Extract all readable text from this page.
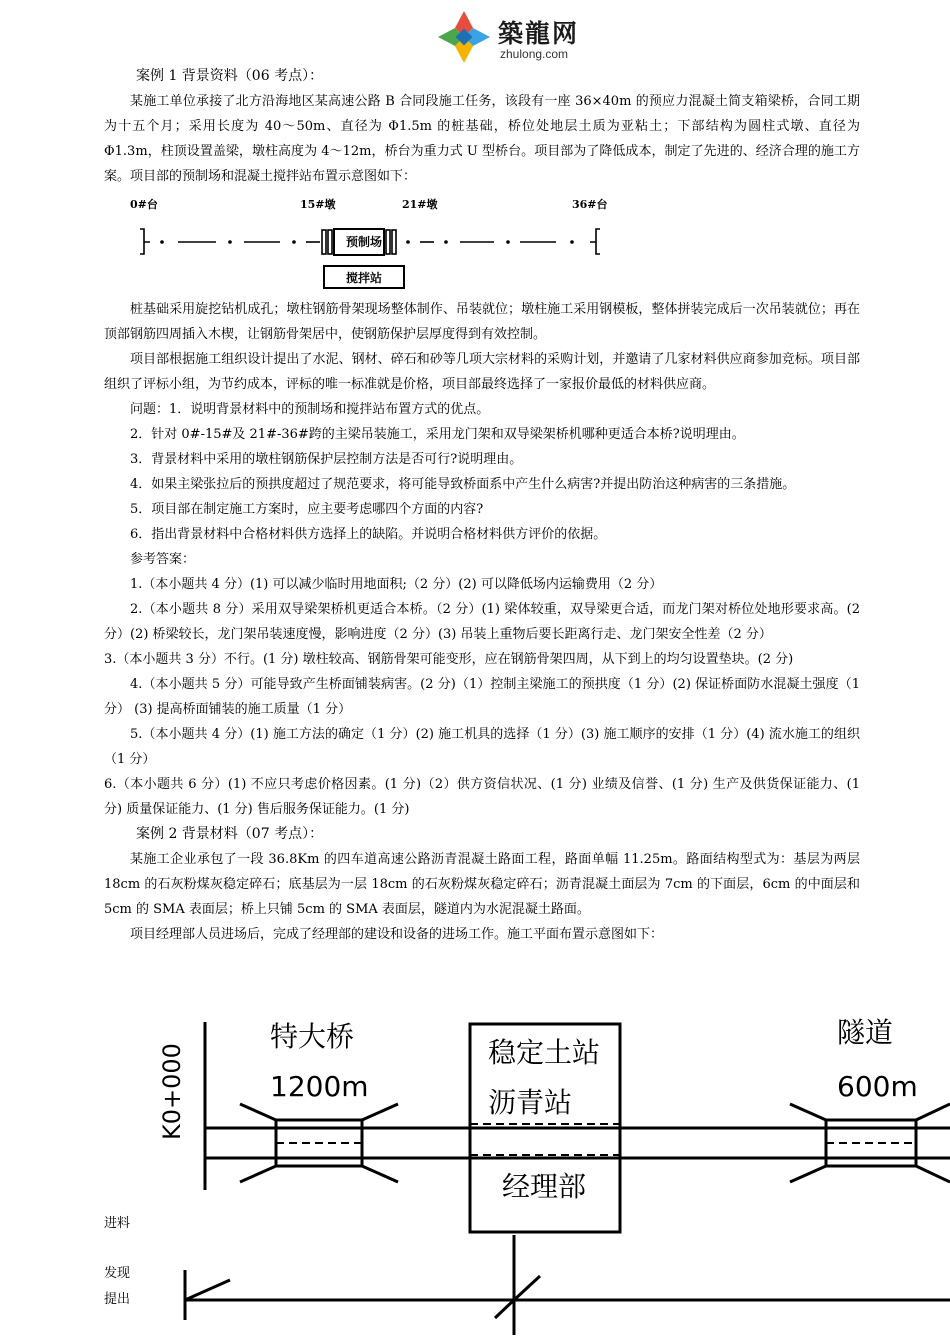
築龍网
zhulong.com

案例 1 背景资料（06 考点）：

某施工单位承接了北方沿海地区某高速公路 B 合同段施工任务，该段有一座 36×40m 的预应力混凝土简支箱梁桥，合同工期为十五个月；采用长度为 40～50m、直径为 Φ1.5m 的桩基础，桥位处地层土质为亚粘土；下部结构为圆柱式墩、直径为 Φ1.3m，柱顶设置盖梁，墩柱高度为 4～12m，桥台为重力式 U 型桥台。项目部为了降低成本，制定了先进的、经济合理的施工方案。项目部的预制场和混凝土搅拌站布置示意图如下：

桩基础采用旋挖钻机成孔；墩柱钢筋骨架现场整体制作、吊装就位；墩柱施工采用钢模板，整体拼装完成后一次吊装就位；再在顶部钢筋四周插入木楔，让钢筋骨架居中，使钢筋保护层厚度得到有效控制。

项目部根据施工组织设计提出了水泥、钢材、碎石和砂等几项大宗材料的采购计划，并邀请了几家材料供应商参加竞标。项目部组织了评标小组，为节约成本，评标的唯一标准就是价格，项目部最终选择了一家报价最低的材料供应商。

问题：1．说明背景材料中的预制场和搅拌站布置方式的优点。

2．针对 0#-15#及 21#-36#跨的主梁吊装施工，采用龙门架和双导梁架桥机哪种更适合本桥?说明理由。

3．背景材料中采用的墩柱钢筋保护层控制方法是否可行?说明理由。

4．如果主梁张拉后的预拱度超过了规范要求，将可能导致桥面系中产生什么病害?并提出防治这种病害的三条措施。

5．项目部在制定施工方案时，应主要考虑哪四个方面的内容?

6．指出背景材料中合格材料供方选择上的缺陷。并说明合格材料供方评价的依据。

参考答案：

1.（本小题共 4 分）(1) 可以减少临时用地面积;（2 分）(2) 可以降低场内运输费用（2 分）

2.（本小题共 8 分）采用双导梁架桥机更适合本桥。（2 分）(1) 梁体较重，双导梁更合适，而龙门架对桥位处地形要求高。(2 分）(2) 桥梁较长，龙门架吊装速度慢，影响进度（2 分）(3) 吊装上重物后要长距离行走、龙门架安全性差（2 分）

3.（本小题共 3 分）不行。(1 分) 墩柱较高、钢筋骨架可能变形，应在钢筋骨架四周，从下到上的均匀设置垫块。(2 分)

4.（本小题共 5 分）可能导致产生桥面铺装病害。(2 分)（1）控制主梁施工的预拱度（1 分）(2) 保证桥面防水混凝土强度（1 分） (3) 提高桥面铺装的施工质量（1 分）

5.（本小题共 4 分）(1) 施工方法的确定（1 分）(2) 施工机具的选择（1 分）(3) 施工顺序的安排（1 分）(4) 流水施工的组织（1 分）

6.（本小题共 6 分）(1) 不应只考虑价格因素。(1 分)（2）供方资信状况、(1 分) 业绩及信誉、(1 分) 生产及供货保证能力、(1 分) 质量保证能力、(1 分) 售后服务保证能力。(1 分)

案例 2 背景材料（07 考点）：

某施工企业承包了一段 36.8Km 的四车道高速公路沥青混凝土路面工程，路面单幅 11.25m。路面结构型式为：基层为两层 18cm 的石灰粉煤灰稳定碎石；底基层为一层 18cm 的石灰粉煤灰稳定碎石；沥青混凝土面层为 7cm 的下面层，6cm 的中面层和 5cm 的 SMA 表面层；桥上只铺 5cm 的 SMA 表面层，隧道内为水泥混凝土路面。

项目经理部人员进场后，完成了经理部的建设和设备的进场工作。施工平面布置示意图如下：

0#台	15#墩	21#墩	36#台
预制场
搅拌站
K0+000
特大桥
1200m
稳定土站
沥青站
经理部
隧道
600m
进料
发现
提出
